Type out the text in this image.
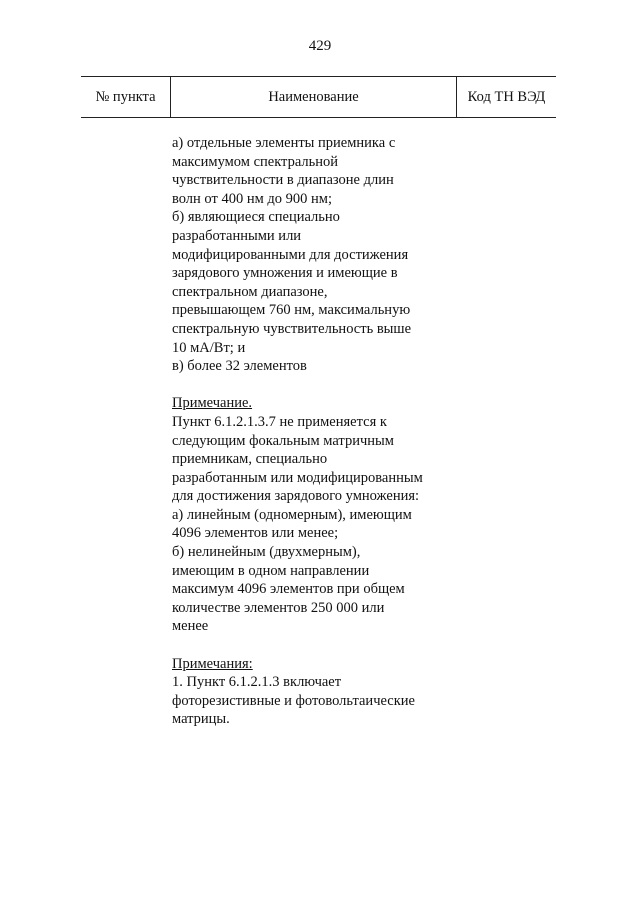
429
№ пункта	Наименование	Код ТН ВЭД
а) отдельные элементы приемника с
максимумом спектральной
чувствительности в диапазоне длин
волн от 400 нм до 900 нм;
б) являющиеся специально
разработанными или
модифицированными для достижения
зарядового умножения и имеющие в
спектральном диапазоне,
превышающем 760 нм, максимальную
спектральную чувствительность выше
10 мА/Вт; и
в) более 32 элементов
Примечание.
Пункт 6.1.2.1.3.7 не применяется к
следующим фокальным матричным
приемникам, специально
разработанным или модифицированным
для достижения зарядового умножения:
а) линейным (одномерным), имеющим
4096 элементов или менее;
б) нелинейным (двухмерным),
имеющим в одном направлении
максимум 4096 элементов при общем
количестве элементов 250 000 или
менее
Примечания:
1. Пункт 6.1.2.1.3 включает
фоторезистивные и фотовольтаические
матрицы.
